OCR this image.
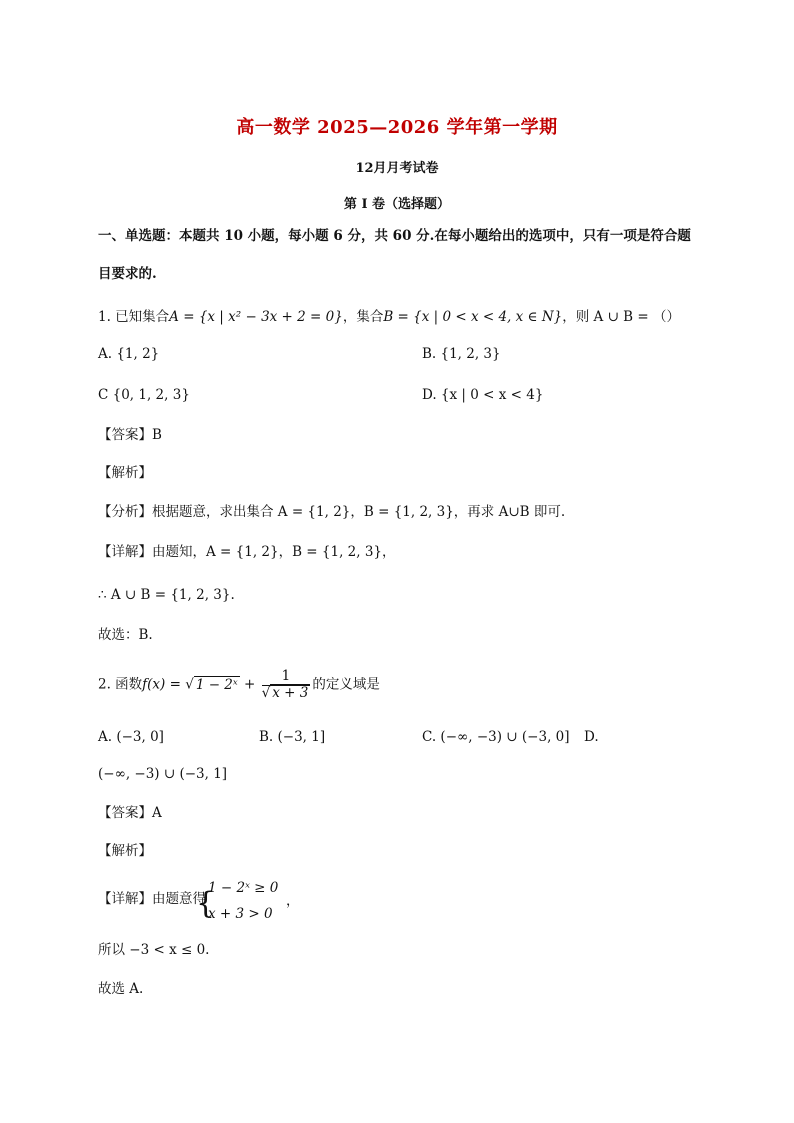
高一数学 2025—2026 学年第一学期
12月月考试卷
第 I 卷（选择题）
一、单选题：本题共 10 小题，每小题 6 分，共 60 分.在每小题给出的选项中，只有一项是符合题
目要求的.
1. 已知集合A = {x | x² − 3x + 2 = 0}，集合B = {x | 0 < x < 4, x ∈ N}，则 A ∪ B = （）
A. {1, 2}	B. {1, 2, 3}
C {0, 1, 2, 3}	D. {x | 0 < x < 4}
【答案】B
【解析】
【分析】根据题意，求出集合 A = {1, 2}，B = {1, 2, 3}，再求 A∪B 即可.
【详解】由题知，A = {1, 2}，B = {1, 2, 3}，
∴ A ∪ B = {1, 2, 3}.
故选：B.
2. 函数f(x) = √ 1 − 2ˣ + $\frac{1}{√ x + 3}$ 的定义域是
A. (−3, 0]	B. (−3, 1]	C. (−∞, −3) ∪ (−3, 0] D.
(−∞, −3) ∪ (−3, 1]
【答案】A
【解析】
【详解】由题意得
{
1 − 2ˣ ≥ 0
x + 3 > 0
，
所以 −3 < x ≤ 0.
故选 A.
